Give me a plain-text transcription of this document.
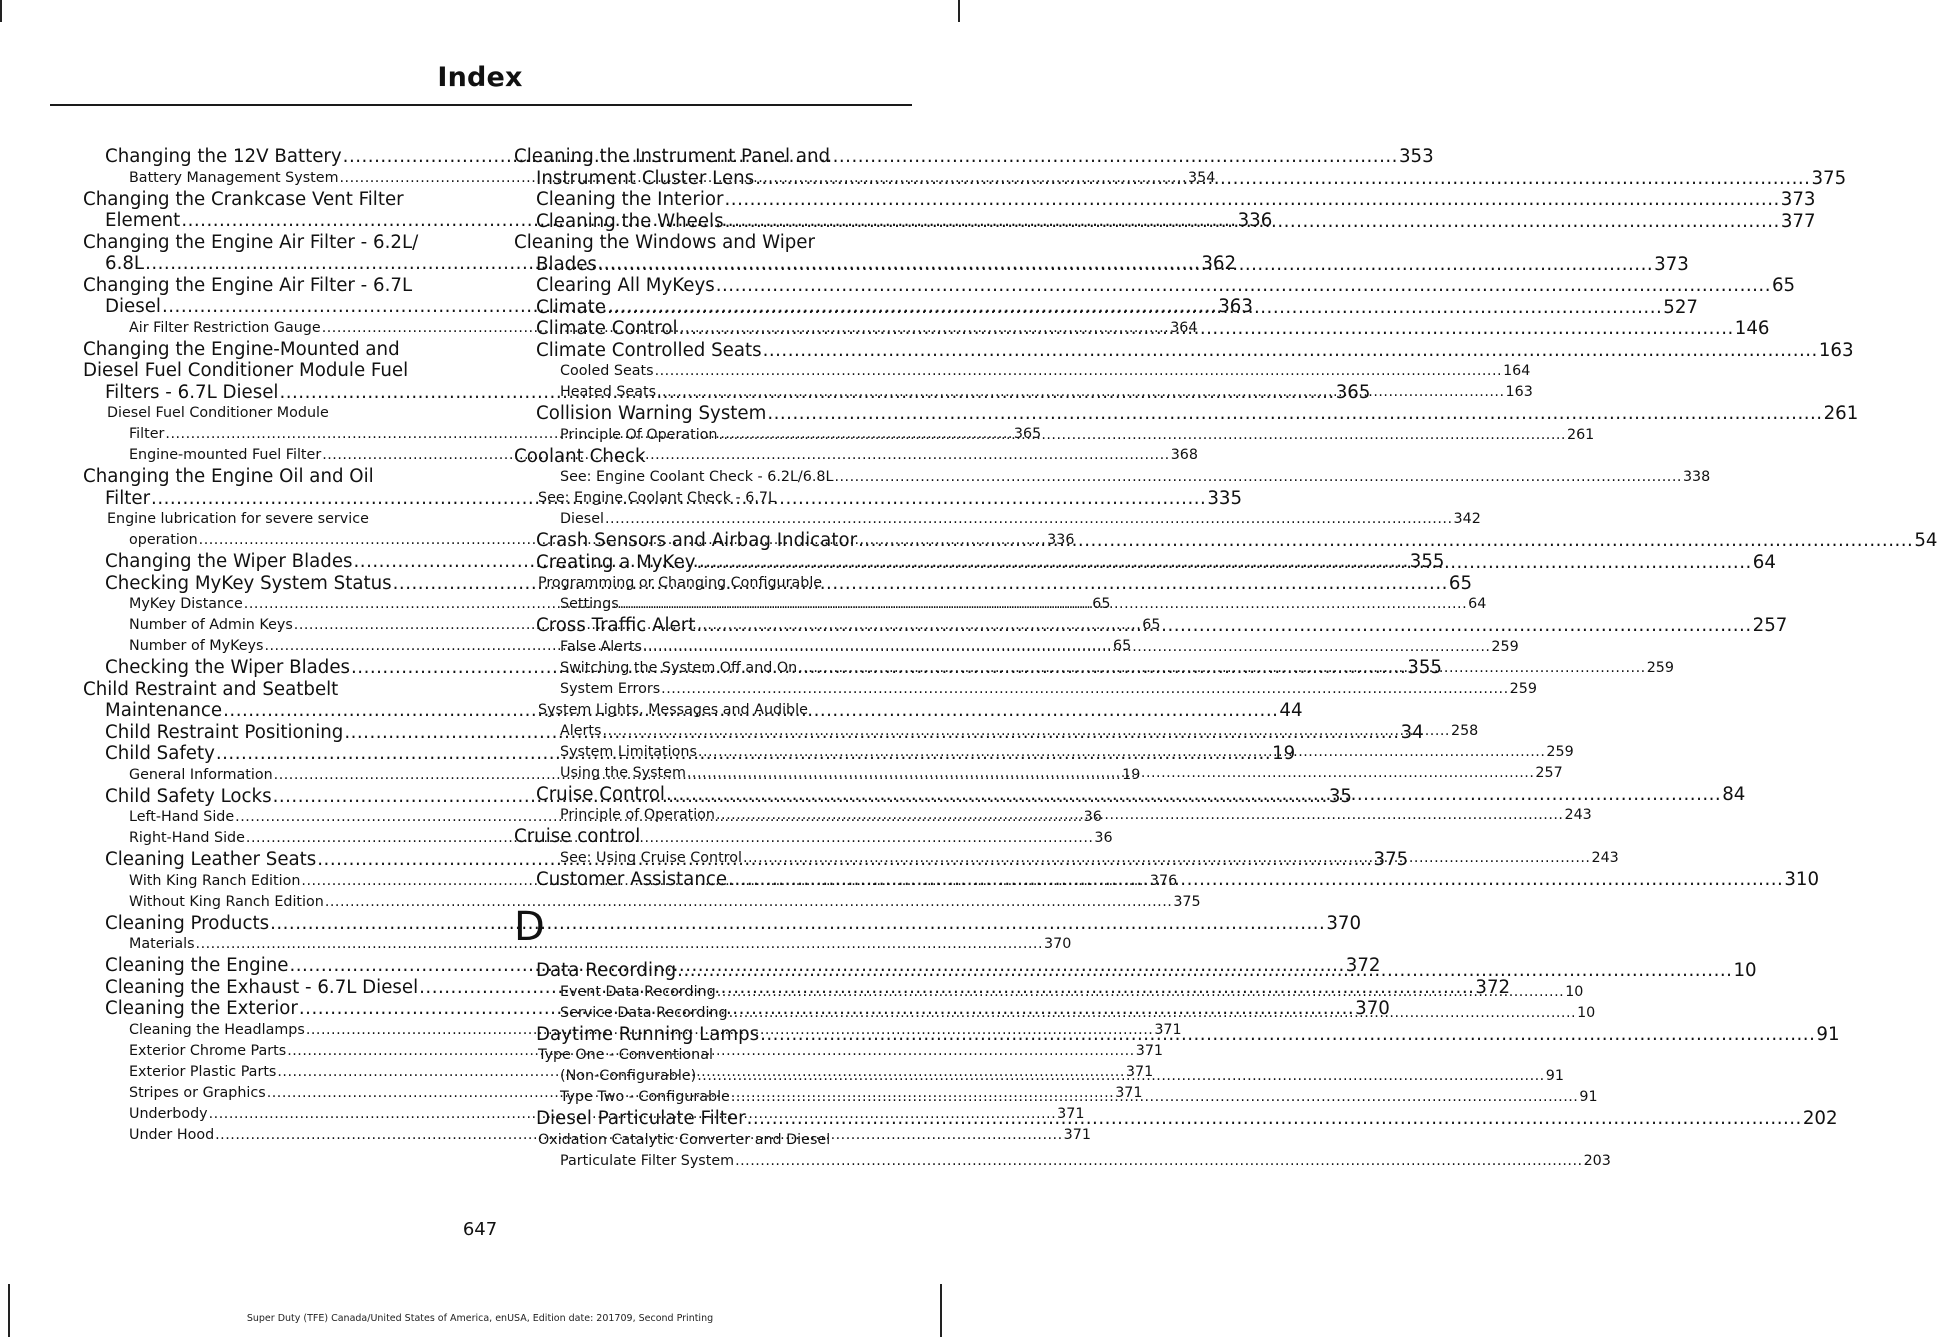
Index
Changing the 12V Battery .....	353
Battery Management System .....	354
Changing the Crankcase Vent Filter
Element .....	336
Changing the Engine Air Filter - 6.2L/
6.8L .....	362
Changing the Engine Air Filter - 6.7L
Diesel .....	363
Air Filter Restriction Gauge .....	364
Changing the Engine-Mounted and
Diesel Fuel Conditioner Module Fuel
Filters - 6.7L Diesel .....	365
Diesel Fuel Conditioner Module
Filter .....	365
Engine-mounted Fuel Filter .....	368
Changing the Engine Oil and Oil
Filter .....	335
Engine lubrication for severe service
operation .....	336
Changing the Wiper Blades .....	355
Checking MyKey System Status .....	65
MyKey Distance .....	65
Number of Admin Keys .....	65
Number of MyKeys .....	65
Checking the Wiper Blades .....	355
Child Restraint and Seatbelt
Maintenance .....	44
Child Restraint Positioning .....	34
Child Safety .....	19
General Information .....	19
Child Safety Locks .....	35
Left-Hand Side .....	36
Right-Hand Side .....	36
Cleaning Leather Seats .....	375
With King Ranch Edition .....	376
Without King Ranch Edition .....	375
Cleaning Products .....	370
Materials .....	370
Cleaning the Engine .....	372
Cleaning the Exhaust - 6.7L Diesel .....	372
Cleaning the Exterior .....	370
Cleaning the Headlamps .....	371
Exterior Chrome Parts .....	371
Exterior Plastic Parts .....	371
Stripes or Graphics .....	371
Underbody .....	371
Under Hood .....	371
Cleaning the Instrument Panel and
Instrument Cluster Lens .....	375
Cleaning the Interior .....	373
Cleaning the Wheels .....	377
Cleaning the Windows and Wiper
Blades .....	373
Clearing All MyKeys .....	65
Climate .....	527
Climate Control .....	146
Climate Controlled Seats .....	163
Cooled Seats .....	164
Heated Seats .....	163
Collision Warning System .....	261
Principle Of Operation .....	261
Coolant Check
See: Engine Coolant Check - 6.2L/6.8L .....	338
See: Engine Coolant Check - 6.7L
Diesel .....	342
Crash Sensors and Airbag Indicator .....	54
Creating a MyKey .....	64
Programming or Changing Configurable
Settings .....	64
Cross Traffic Alert .....	257
False Alerts .....	259
Switching the System Off and On .....	259
System Errors .....	259
System Lights, Messages and Audible
Alerts .....	258
System Limitations .....	259
Using the System .....	257
Cruise Control .....	84
Principle of Operation .....	243
Cruise control
See: Using Cruise Control .....	243
Customer Assistance .....	310
D
Data Recording .....	10
Event Data Recording .....	10
Service Data Recording .....	10
Daytime Running Lamps .....	91
Type One - Conventional
(Non-Configurable) .....	91
Type Two - Configurable .....	91
Diesel Particulate Filter .....	202
Oxidation Catalytic Converter and Diesel
Particulate Filter System .....	203
647
Super Duty (TFE) Canada/United States of America, enUSA, Edition date: 201709, Second Printing
